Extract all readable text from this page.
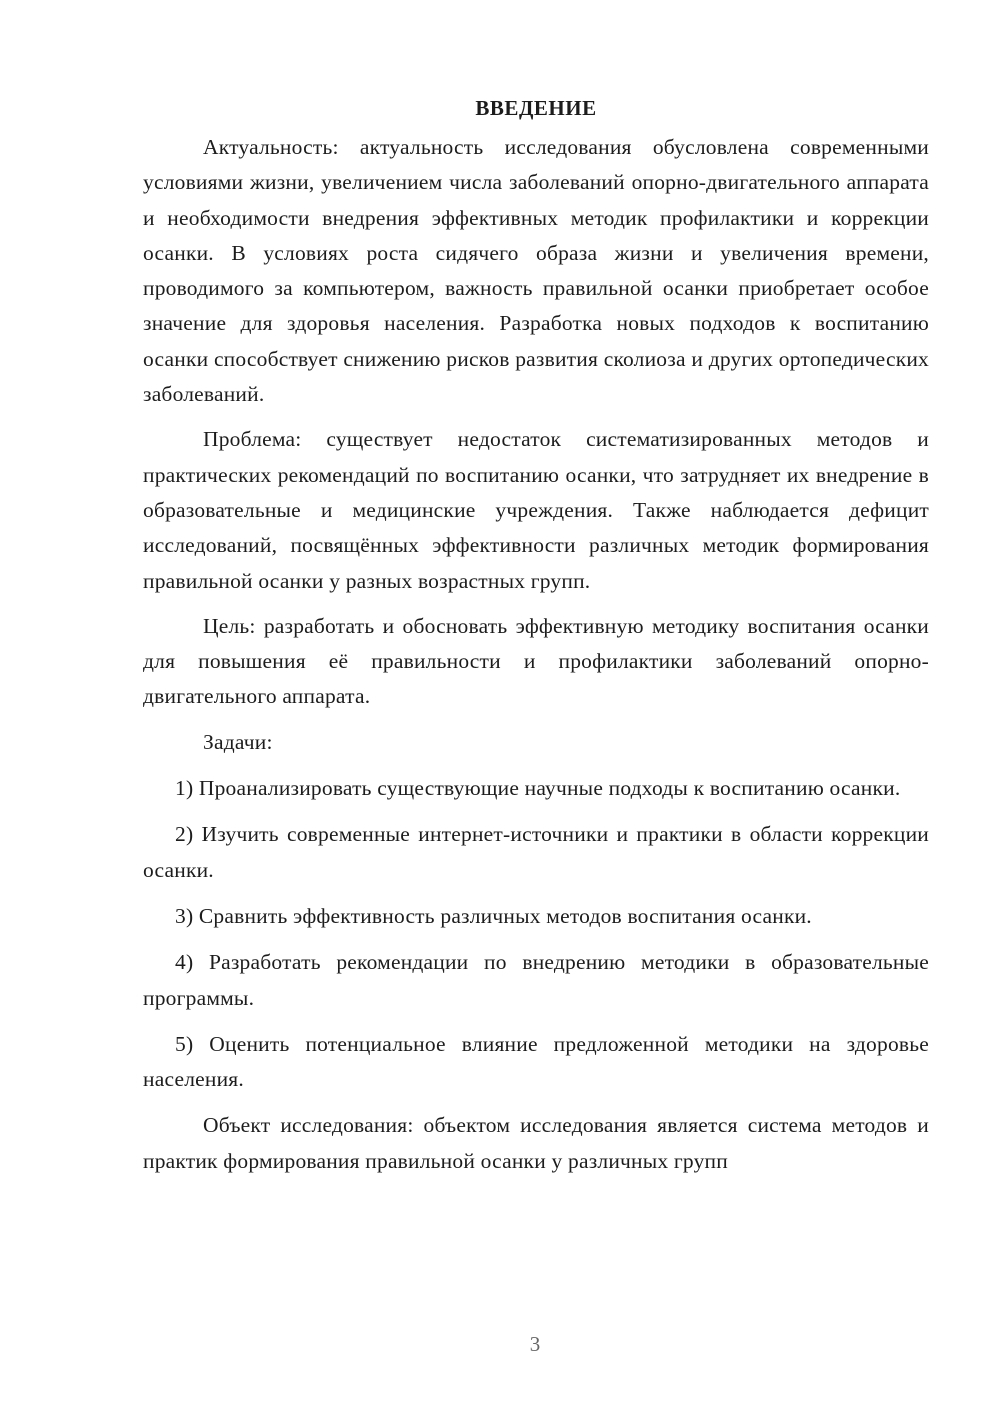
ВВЕДЕНИЕ

Актуальность: актуальность исследования обусловлена современными условиями жизни, увеличением числа заболеваний опорно-двигательного аппарата и необходимости внедрения эффективных методик профилактики и коррекции осанки. В условиях роста сидячего образа жизни и увеличения времени, проводимого за компьютером, важность правильной осанки приобретает особое значение для здоровья населения. Разработка новых подходов к воспитанию осанки способствует снижению рисков развития сколиоза и других ортопедических заболеваний.

Проблема: существует недостаток систематизированных методов и практических рекомендаций по воспитанию осанки, что затрудняет их внедрение в образовательные и медицинские учреждения. Также наблюдается дефицит исследований, посвящённых эффективности различных методик формирования правильной осанки у разных возрастных групп.

Цель: разработать и обосновать эффективную методику воспитания осанки для повышения её правильности и профилактики заболеваний опорно-двигательного аппарата.

Задачи:

1) Проанализировать существующие научные подходы к воспитанию осанки.

2) Изучить современные интернет-источники и практики в области коррекции осанки.

3) Сравнить эффективность различных методов воспитания осанки.

4) Разработать рекомендации по внедрению методики в образовательные программы.

5) Оценить потенциальное влияние предложенной методики на здоровье населения.

Объект исследования: объектом исследования является система методов и практик формирования правильной осанки у различных групп

3
